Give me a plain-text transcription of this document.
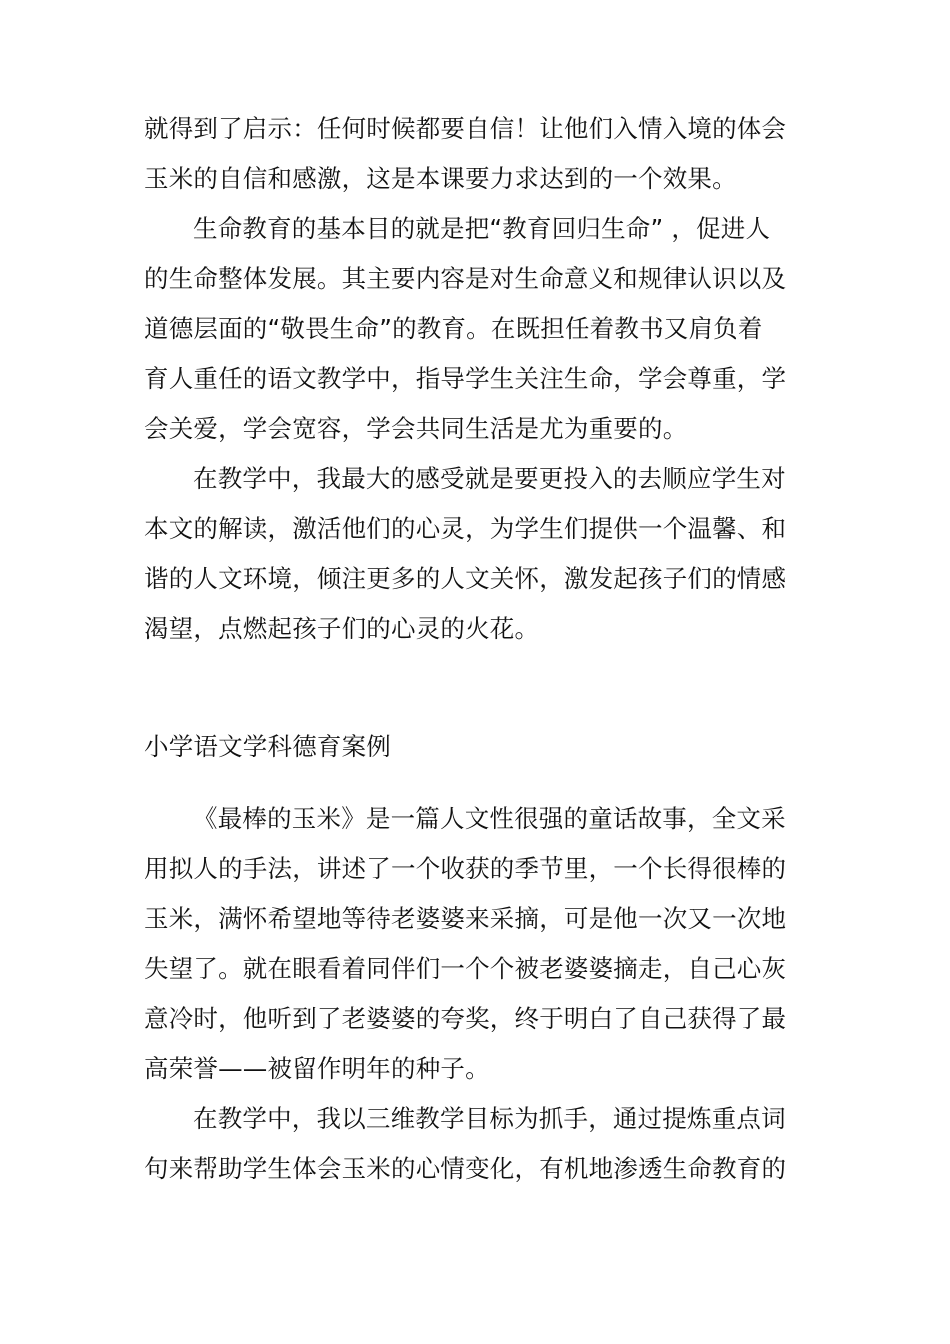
就得到了启示：任何时候都要自信！让他们入情入境的体会
玉米的自信和感激，这是本课要力求达到的一个效果。
生命教育的基本目的就是把“教育回归生命” ，促进人
的生命整体发展。其主要内容是对生命意义和规律认识以及
道德层面的“敬畏生命”的教育。在既担任着教书又肩负着
育人重任的语文教学中，指导学生关注生命，学会尊重，学
会关爱，学会宽容，学会共同生活是尤为重要的。
在教学中，我最大的感受就是要更投入的去顺应学生对
本文的解读，激活他们的心灵，为学生们提供一个温馨、和
谐的人文环境，倾注更多的人文关怀，激发起孩子们的情感
渴望，点燃起孩子们的心灵的火花。
小学语文学科德育案例
《最棒的玉米》是一篇人文性很强的童话故事，全文采
用拟人的手法，讲述了一个收获的季节里，一个长得很棒的
玉米，满怀希望地等待老婆婆来采摘，可是他一次又一次地
失望了。就在眼看着同伴们一个个被老婆婆摘走，自己心灰
意冷时，他听到了老婆婆的夸奖，终于明白了自己获得了最
高荣誉——被留作明年的种子。
在教学中，我以三维教学目标为抓手，通过提炼重点词
句来帮助学生体会玉米的心情变化，有机地渗透生命教育的
